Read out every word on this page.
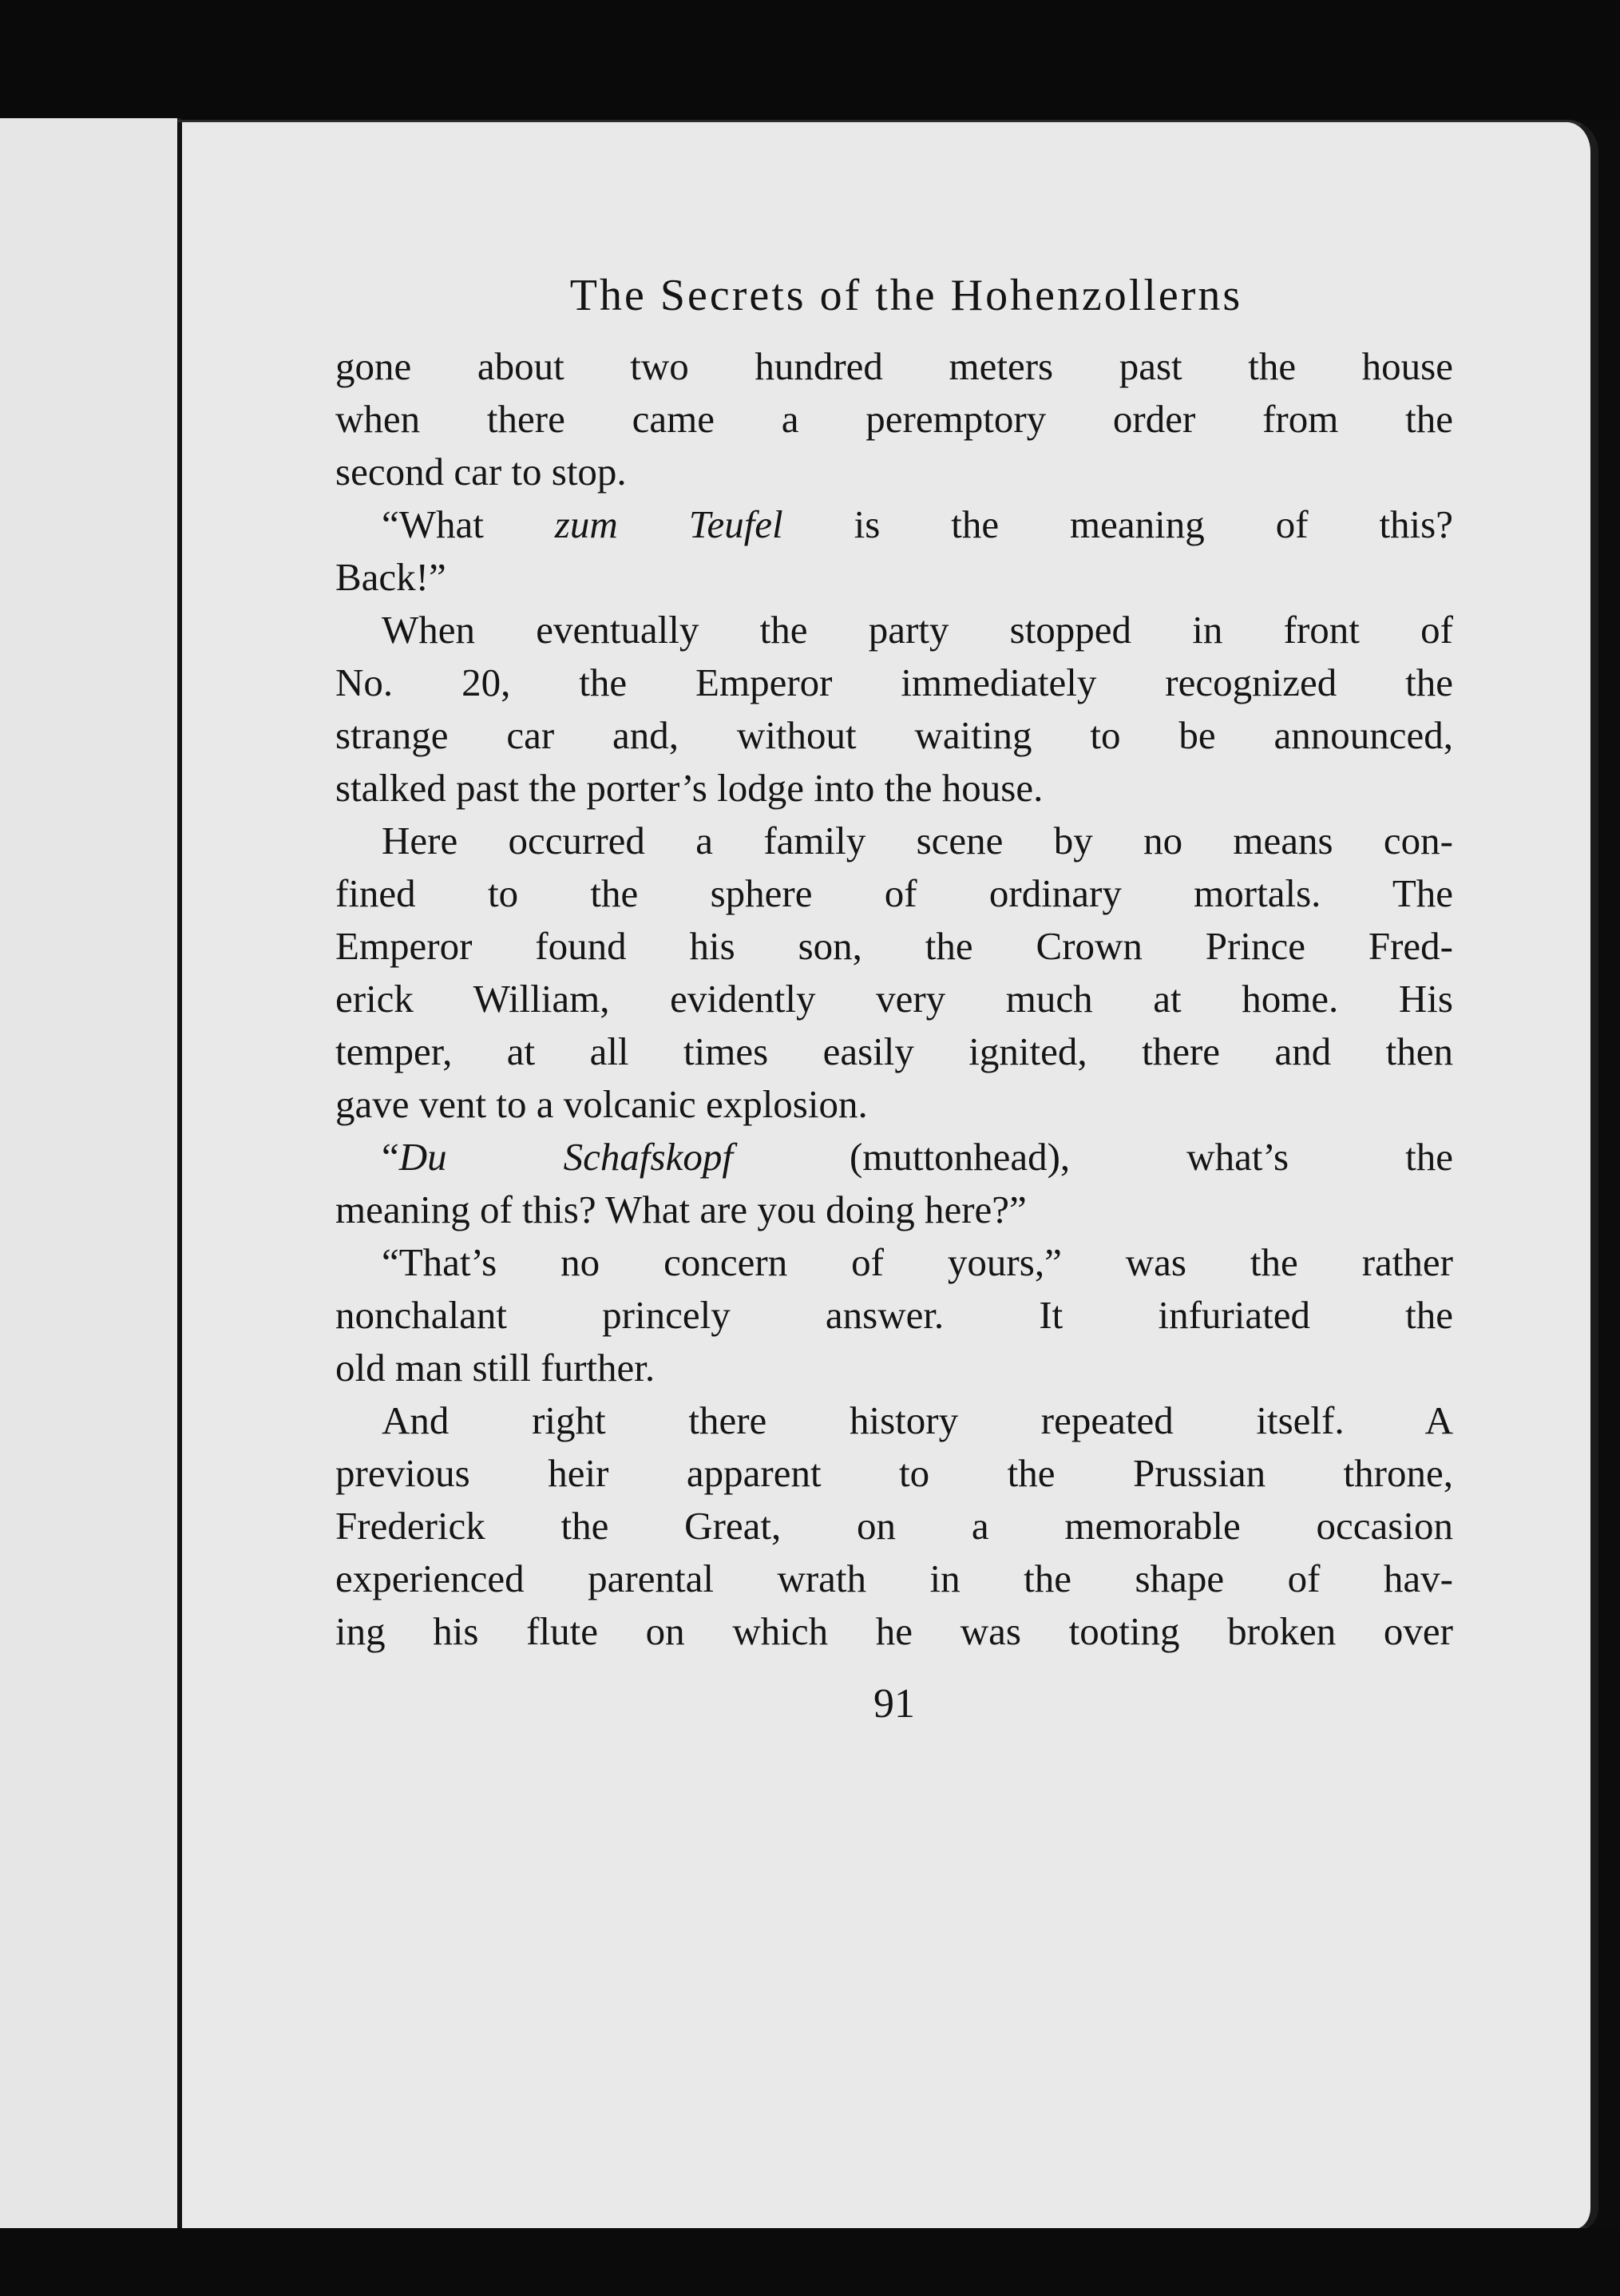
The Secrets of the Hohenzollerns

gone about two hundred meters past the house
when there came a peremptory order from the
second car to stop.

“What zum Teufel is the meaning of this?
Back!”

When eventually the party stopped in front of
No. 20, the Emperor immediately recognized the
strange car and, without waiting to be announced,
stalked past the porter’s lodge into the house.

Here occurred a family scene by no means con-
fined to the sphere of ordinary mortals. The
Emperor found his son, the Crown Prince Fred-
erick William, evidently very much at home. His
temper, at all times easily ignited, there and then
gave vent to a volcanic explosion.

“Du Schafskopf (muttonhead), what’s the
meaning of this? What are you doing here?”

“That’s no concern of yours,” was the rather
nonchalant princely answer. It infuriated the
old man still further.

And right there history repeated itself. A
previous heir apparent to the Prussian throne,
Frederick the Great, on a memorable occasion
experienced parental wrath in the shape of hav-
ing his flute on which he was tooting broken over

91
